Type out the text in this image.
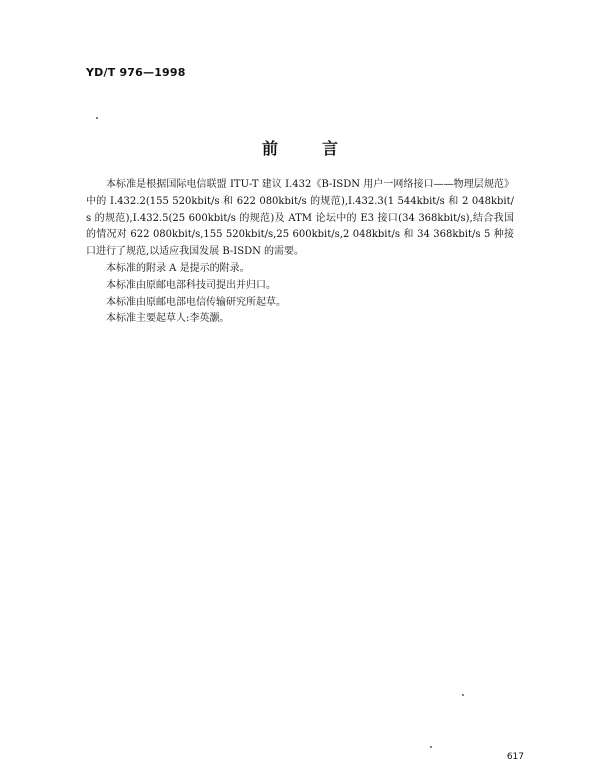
YD/T 976—1998
前言

本标准是根据国际电信联盟 ITU-T 建议 I.432《B-ISDN 用户一网络接口——物理层规范》中的 I.432.2(155 520kbit/s 和 622 080kbit/s 的规范),I.432.3(1 544kbit/s 和 2 048kbit/s 的规范),I.432.5(25 600kbit/s 的规范)及 ATM 论坛中的 E3 接口(34 368kbit/s),结合我国的情况对 622 080kbit/s,155 520kbit/s,25 600kbit/s,2 048kbit/s 和 34 368kbit/s 5 种接口进行了规范,以适应我国发展 B-ISDN 的需要。

本标准的附录 A 是提示的附录。

本标准由原邮电部科技司提出并归口。

本标准由原邮电部电信传输研究所起草。

本标准主要起草人:李英灏。

617
